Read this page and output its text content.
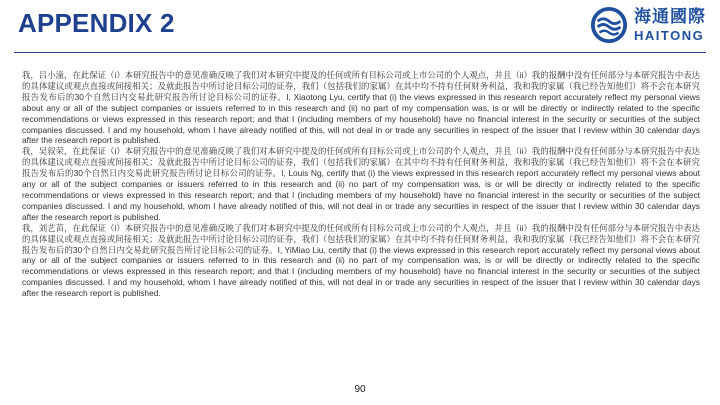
APPENDIX 2	海通國際
HAITONG

我，吕小潼，在此保证（i）本研究报告中的意见准确反映了我们对本研究中提及的任何或所有目标公司或上市公司的个人观点，并且（ii）我的报酬中没有任何部分与本研究报告中表达的具体建议或观点直接或间接相关；及就此报告中所讨论目标公司的证券，我们（包括我们的家属）在其中均不持有任何财务利益，我和我的家属（我已经告知他们）将不会在本研究报告发布后的30个自然日内交易此研究报告所讨论目标公司的证券。I, Xiaotong Lyu, certify that (i) the views expressed in this research report accurately reflect my personal views about any or all of the subject companies or issuers referred to in this research and (ii) no part of my compensation was, is or will be directly or indirectly related to the specific recommendations or views expressed in this research report; and that I (including members of my household) have no financial interest in the security or securities of the subject companies discussed. I and my household, whom I have already notified of this, will not deal in or trade any securities in respect of the issuer that I review within 30 calendar days after the research report is published.

我，吴叙荣，在此保证（i）本研究报告中的意见准确反映了我们对本研究中提及的任何或所有目标公司或上市公司的个人观点，并且（ii）我的报酬中没有任何部分与本研究报告中表达的具体建议或观点直接或间接相关；及就此报告中所讨论目标公司的证券，我们（包括我们的家属）在其中均不持有任何财务利益，我和我的家属（我已经告知他们）将不会在本研究报告发布后的30个自然日内交易此研究报告所讨论目标公司的证券。I, Louis Ng, certify that (i) the views expressed in this research report accurately reflect my personal views about any or all of the subject companies or issuers referred to in this research and (ii) no part of my compensation was, is or will be directly or indirectly related to the specific recommendations or views expressed in this research report; and that I (including members of my household) have no financial interest in the security or securities of the subject companies discussed. I and my household, whom I have already notified of this, will not deal in or trade any securities in respect of the issuer that I review within 30 calendar days after the research report is published.

我，刘艺苗，在此保证（i）本研究报告中的意见准确反映了我们对本研究中提及的任何或所有目标公司或上市公司的个人观点，并且（ii）我的报酬中没有任何部分与本研究报告中表达的具体建议或观点直接或间接相关；及就此报告中所讨论目标公司的证券，我们（包括我们的家属）在其中均不持有任何财务利益，我和我的家属（我已经告知他们）将不会在本研究报告发布后的30个自然日内交易此研究报告所讨论目标公司的证券。I, YiMiao Liu, certify that (i) the views expressed in this research report accurately reflect my personal views about any or all of the subject companies or issuers referred to in this research and (ii) no part of my compensation was, is or will be directly or indirectly related to the specific recommendations or views expressed in this research report; and that I (including members of my household) have no financial interest in the security or securities of the subject companies discussed. I and my household, whom I have already notified of this, will not deal in or trade any securities in respect of the issuer that I review within 30 calendar days after the research report is published.

90
